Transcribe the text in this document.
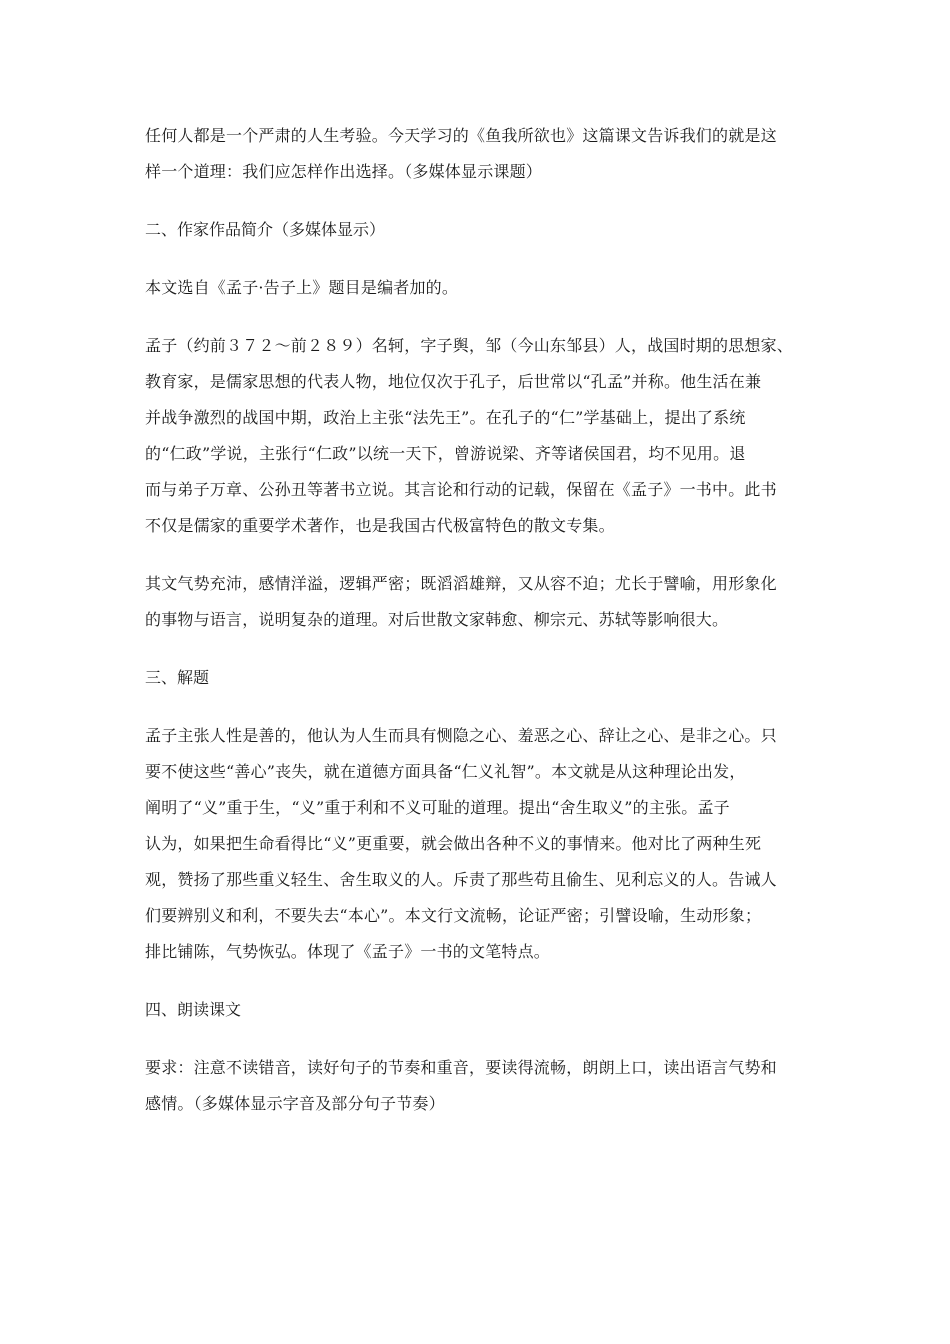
任何人都是一个严肃的人生考验。今天学习的《鱼我所欲也》这篇课文告诉我们的就是这
样一个道理：我们应怎样作出选择。（多媒体显示课题）

二、作家作品简介（多媒体显示）

本文选自《孟子·告子上》题目是编者加的。

孟子（约前３７２～前２８９）名轲，字子舆，邹（今山东邹县）人，战国时期的思想家、
教育家，是儒家思想的代表人物，地位仅次于孔子，后世常以“孔孟”并称。他生活在兼
并战争激烈的战国中期，政治上主张“法先王”。在孔子的“仁”学基础上，提出了系统
的“仁政”学说，主张行“仁政”以统一天下，曾游说梁、齐等诸侯国君，均不见用。退
而与弟子万章、公孙丑等著书立说。其言论和行动的记载，保留在《孟子》一书中。此书
不仅是儒家的重要学术著作，也是我国古代极富特色的散文专集。

其文气势充沛，感情洋溢，逻辑严密；既滔滔雄辩，又从容不迫；尤长于譬喻，用形象化
的事物与语言，说明复杂的道理。对后世散文家韩愈、柳宗元、苏轼等影响很大。

三、解题

孟子主张人性是善的，他认为人生而具有恻隐之心、羞恶之心、辞让之心、是非之心。只
要不使这些“善心”丧失，就在道德方面具备“仁义礼智”。本文就是从这种理论出发，
阐明了“义”重于生，“义”重于利和不义可耻的道理。提出“舍生取义”的主张。孟子
认为，如果把生命看得比“义”更重要，就会做出各种不义的事情来。他对比了两种生死
观，赞扬了那些重义轻生、舍生取义的人。斥责了那些苟且偷生、见利忘义的人。告诫人
们要辨别义和利，不要失去“本心”。本文行文流畅，论证严密；引譬设喻，生动形象；
排比铺陈，气势恢弘。体现了《孟子》一书的文笔特点。

四、朗读课文

要求：注意不读错音，读好句子的节奏和重音，要读得流畅，朗朗上口，读出语言气势和
感情。（多媒体显示字音及部分句子节奏）
